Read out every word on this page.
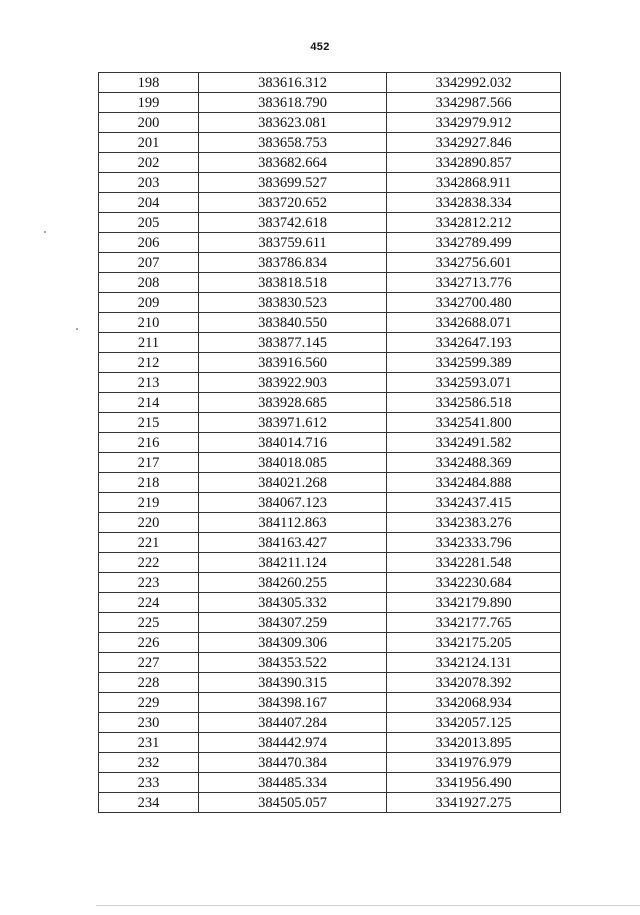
452
198	383616.312	3342992.032
199	383618.790	3342987.566
200	383623.081	3342979.912
201	383658.753	3342927.846
202	383682.664	3342890.857
203	383699.527	3342868.911
204	383720.652	3342838.334
205	383742.618	3342812.212
206	383759.611	3342789.499
207	383786.834	3342756.601
208	383818.518	3342713.776
209	383830.523	3342700.480
210	383840.550	3342688.071
211	383877.145	3342647.193
212	383916.560	3342599.389
213	383922.903	3342593.071
214	383928.685	3342586.518
215	383971.612	3342541.800
216	384014.716	3342491.582
217	384018.085	3342488.369
218	384021.268	3342484.888
219	384067.123	3342437.415
220	384112.863	3342383.276
221	384163.427	3342333.796
222	384211.124	3342281.548
223	384260.255	3342230.684
224	384305.332	3342179.890
225	384307.259	3342177.765
226	384309.306	3342175.205
227	384353.522	3342124.131
228	384390.315	3342078.392
229	384398.167	3342068.934
230	384407.284	3342057.125
231	384442.974	3342013.895
232	384470.384	3341976.979
233	384485.334	3341956.490
234	384505.057	3341927.275
